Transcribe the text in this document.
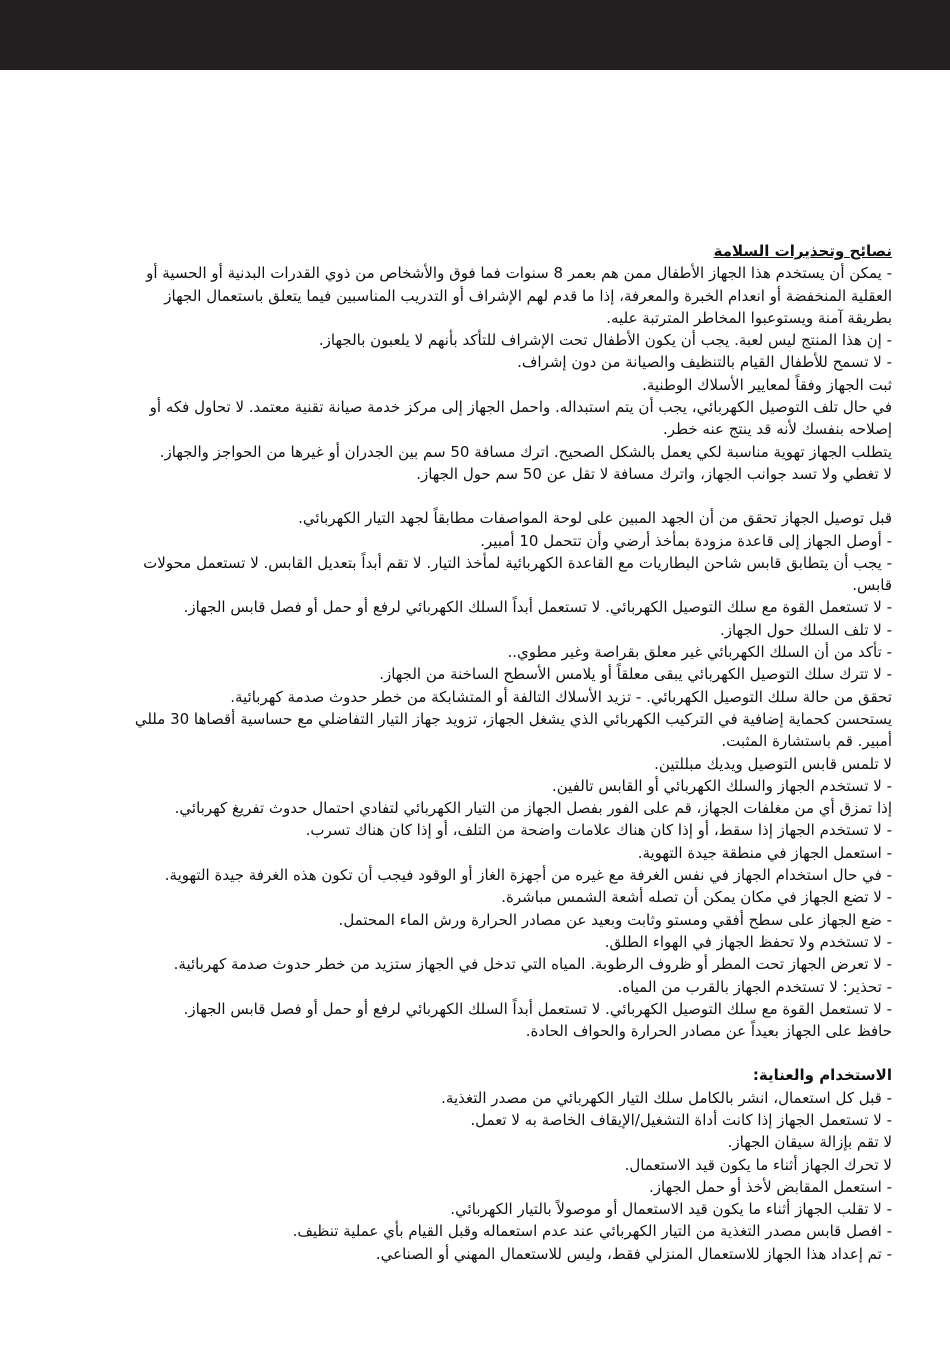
نصائح وتحذيرات السلامة

- يمكن أن يستخدم هذا الجهاز الأطفال ممن هم بعمر 8 سنوات فما فوق والأشخاص من ذوي القدرات البدنية أو الحسية أو العقلية المنخفضة أو انعدام الخبرة والمعرفة، إذا ما قدم لهم الإشراف أو التدريب المناسبين فيما يتعلق باستعمال الجهاز بطريقة آمنة ويستوعبوا المخاطر المترتبة عليه.

- إن هذا المنتج ليس لعبة. يجب أن يكون الأطفال تحت الإشراف للتأكد بأنهم لا يلعبون بالجهاز.

- لا تسمح للأطفال القيام بالتنظيف والصيانة من دون إشراف.

ثبت الجهاز وفقاً لمعايير الأسلاك الوطنية.

في حال تلف التوصيل الكهربائي، يجب أن يتم استبداله. واحمل الجهاز إلى مركز خدمة صيانة تقنية معتمد. لا تحاول فكه أو إصلاحه بنفسك لأنه قد ينتج عنه خطر.

يتطلب الجهاز تهوية مناسبة لكي يعمل بالشكل الصحيح. اترك مسافة 50 سم بين الجدران أو غيرها من الحواجز والجهاز.

لا تغطي ولا تسد جوانب الجهاز، واترك مسافة لا تقل عن 50 سم حول الجهاز.

قبل توصيل الجهاز تحقق من أن الجهد المبين على لوحة المواصفات مطابقاً لجهد التيار الكهربائي.

- أوصل الجهاز إلى قاعدة مزودة بمأخذ أرضي وأن تتحمل 10 أمبير.

- يجب أن يتطابق قابس شاحن البطاريات مع القاعدة الكهربائية لمأخذ التيار. لا تقم أبداً بتعديل القابس. لا تستعمل محولات قابس.

- لا تستعمل القوة مع سلك التوصيل الكهربائي. لا تستعمل أبداً السلك الكهربائي لرفع أو حمل أو فصل قابس الجهاز.

- لا تلف السلك حول الجهاز.

- تأكد من أن السلك الكهربائي غير معلق بقراصة وغير مطوي..

- لا تترك سلك التوصيل الكهربائي يبقى معلقاً أو يلامس الأسطح الساخنة من الجهاز.

تحقق من حالة سلك التوصيل الكهربائي. - تزيد الأسلاك التالفة أو المتشابكة من خطر حدوث صدمة كهربائية.

يستحسن كحماية إضافية في التركيب الكهربائي الذي يشغل الجهاز، تزويد جهاز التيار التفاضلي مع حساسية أقصاها 30 مللي أمبير. قم باستشارة المثبت.

لا تلمس قابس التوصيل ويديك مبللتين.

- لا تستخدم الجهاز والسلك الكهربائي أو القابس تالفين.

إذا تمزق أي من مغلفات الجهاز، قم على الفور بفصل الجهاز من التيار الكهربائي لتفادي احتمال حدوث تفريغ كهربائي.

- لا تستخدم الجهاز إذا سقط، أو إذا كان هناك علامات واضحة من التلف، أو إذا كان هناك تسرب.

- استعمل الجهاز في منطقة جيدة التهوية.

- في حال استخدام الجهاز في نفس الغرفة مع غيره من أجهزة الغاز أو الوقود فيجب أن تكون هذه الغرفة جيدة التهوية.

- لا تضع الجهاز في مكان يمكن أن تصله أشعة الشمس مباشرة.

- ضع الجهاز على سطح أفقي ومستو وثابت وبعيد عن مصادر الحرارة ورش الماء المحتمل.

- لا تستخدم ولا تحفظ الجهاز في الهواء الطلق.

- لا تعرض الجهاز تحت المطر أو ظروف الرطوبة. المياه التي تدخل في الجهاز ستزيد من خطر حدوث صدمة كهربائية.

- تحذير: لا تستخدم الجهاز بالقرب من المياه.

- لا تستعمل القوة مع سلك التوصيل الكهربائي. لا تستعمل أبداً السلك الكهربائي لرفع أو حمل أو فصل قابس الجهاز.

حافظ على الجهاز بعيداً عن مصادر الحرارة والحواف الحادة.

الاستخدام والعناية:

- قبل كل استعمال، انشر بالكامل سلك التيار الكهربائي من مصدر التغذية.

- لا تستعمل الجهاز إذا كانت أداة التشغيل/الإيقاف الخاصة به لا تعمل.

لا تقم بإزالة سيقان الجهاز.

لا تحرك الجهاز أثناء ما يكون قيد الاستعمال.

- استعمل المقابض لأخذ أو حمل الجهاز.

- لا تقلب الجهاز أثناء ما يكون قيد الاستعمال أو موصولاً بالتيار الكهربائي.

- افصل قابس مصدر التغذية من التيار الكهربائي عند عدم استعماله وقبل القيام بأي عملية تنظيف.

- تم إعداد هذا الجهاز للاستعمال المنزلي فقط، وليس للاستعمال المهني أو الصناعي.
